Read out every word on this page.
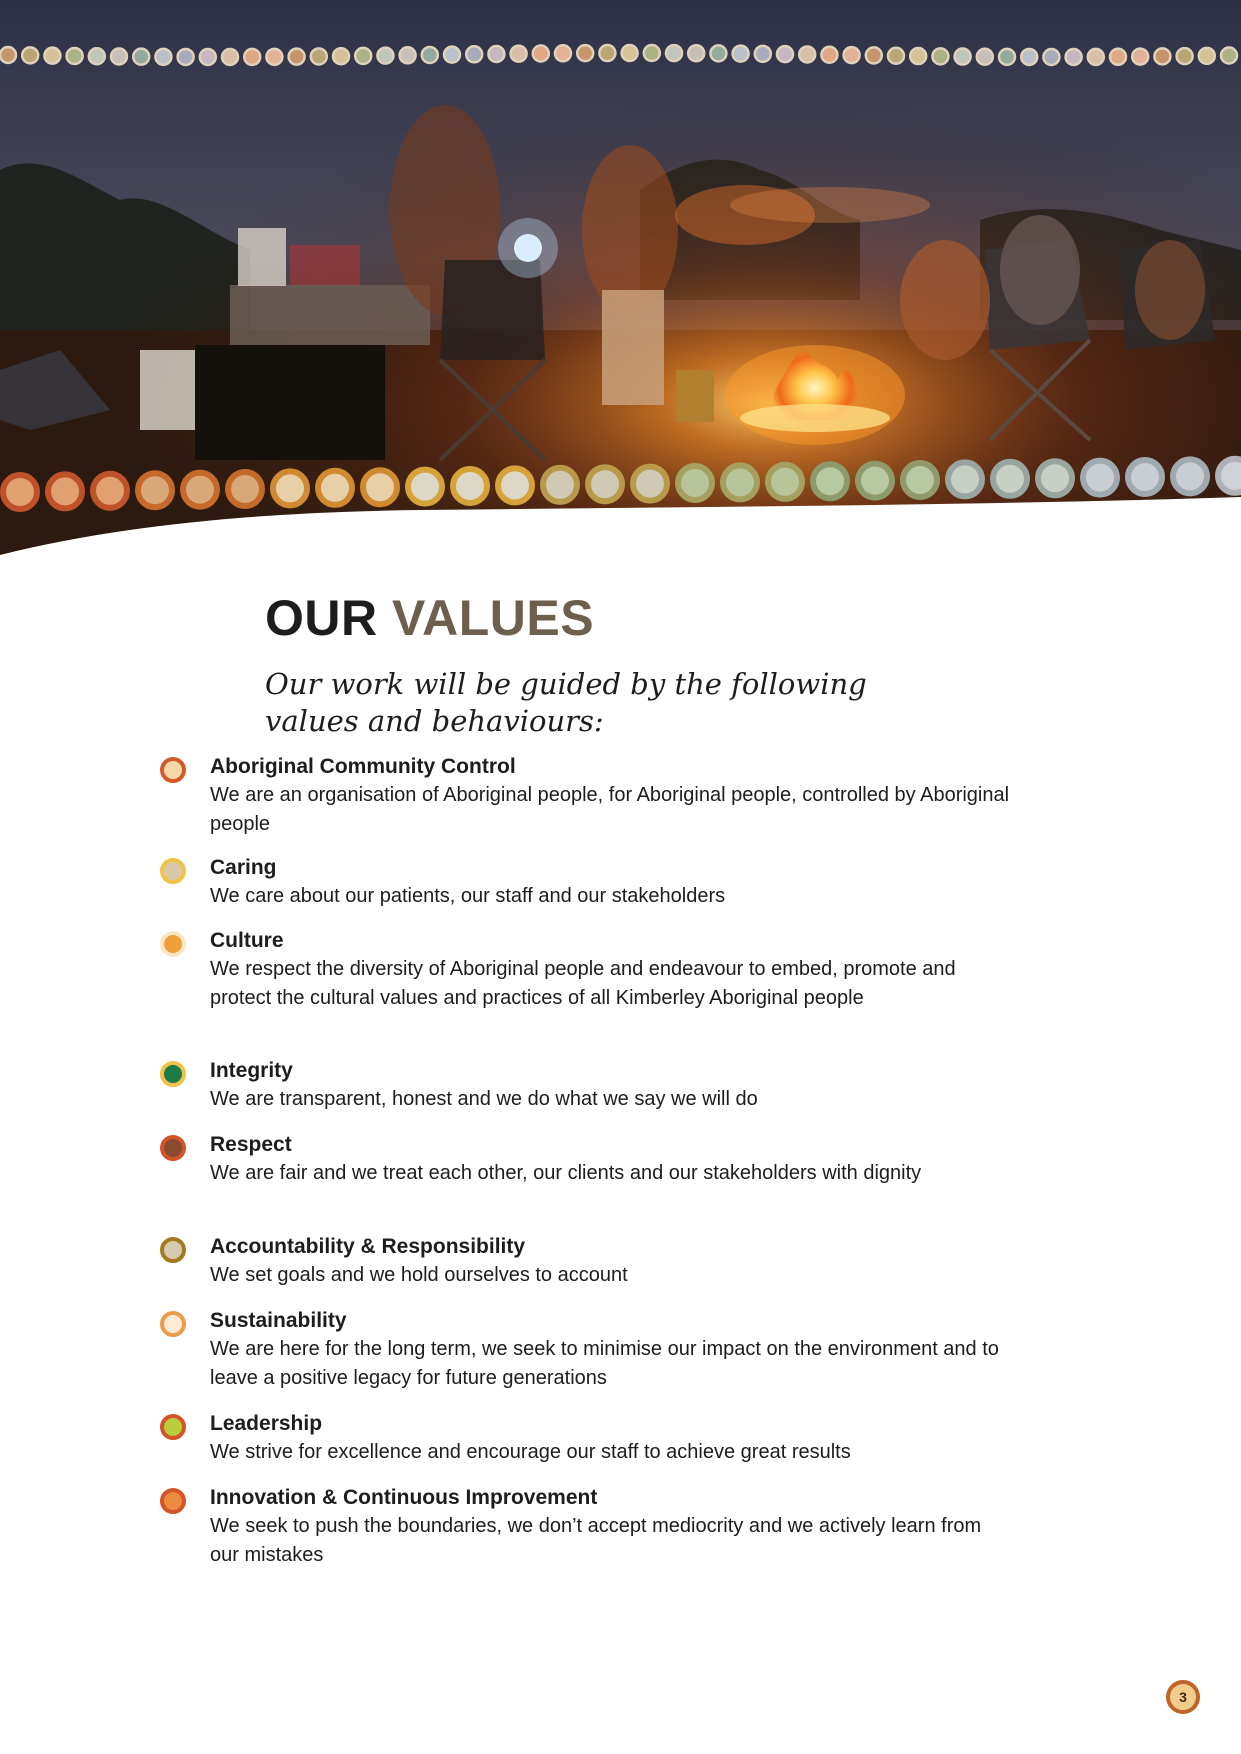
OUR VALUES

Our work will be guided by the following values and behaviours:

Aboriginal Community Control
We are an organisation of Aboriginal people, for Aboriginal people, controlled by Aboriginal people
Caring
We care about our patients, our staff and our stakeholders
Culture
We respect the diversity of Aboriginal people and endeavour to embed, promote and protect the cultural values and practices of all Kimberley Aboriginal people
Integrity
We are transparent, honest and we do what we say we will do
Respect
We are fair and we treat each other, our clients and our stakeholders with dignity
Accountability & Responsibility
We set goals and we hold ourselves to account
Sustainability
We are here for the long term, we seek to minimise our impact on the environment and to leave a positive legacy for future generations
Leadership
We strive for excellence and encourage our staff to achieve great results
Innovation & Continuous Improvement
We seek to push the boundaries, we don’t accept mediocrity and we actively learn from our mistakes
3
